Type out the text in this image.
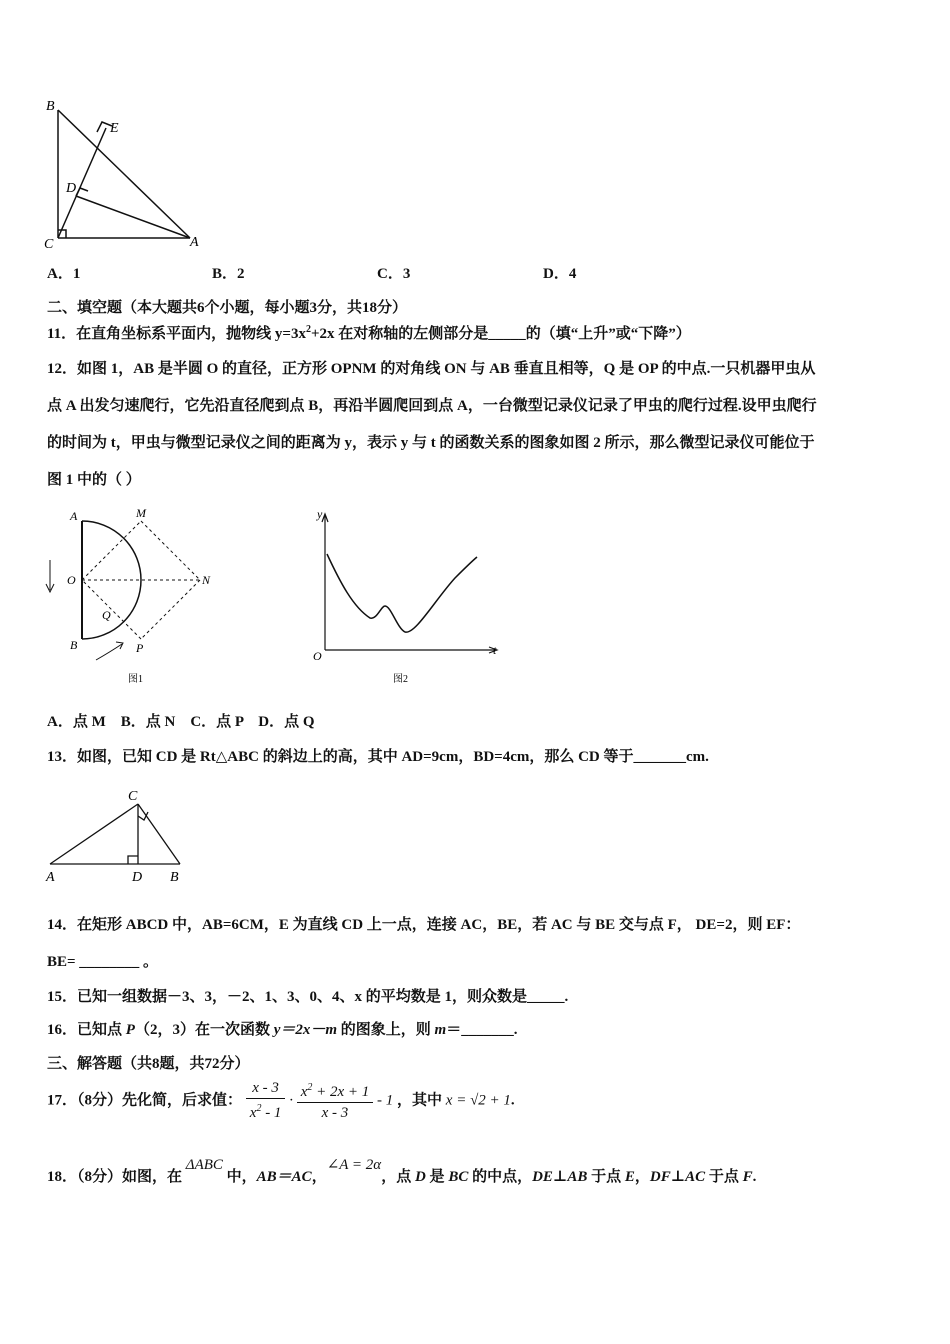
B
E
D
C	A
A．1	B．2	C．3	D．4
二、填空题（本大题共6个小题，每小题3分，共18分）
11．在直角坐标系平面内，抛物线 $y=3x^2+2x$ 在对称轴的左侧部分是_____的（填“上升”或“下降”）
12．如图 1，AB 是半圆 O 的直径，正方形 OPNM 的对角线 ON 与 AB 垂直且相等，Q 是 OP 的中点.一只机器甲虫从
点 A 出发匀速爬行，它先沿直径爬到点 B，再沿半圆爬回到点 A，一台微型记录仪记录了甲虫的爬行过程.设甲虫爬行
的时间为 t，甲虫与微型记录仪之间的距离为 y，表示 y 与 t 的函数关系的图象如图 2 所示，那么微型记录仪可能位于
图 1 中的（ ）
A	M
O	N
Q
B	P
图1
y
O	t
图2
A．点 M　B．点 N　C．点 P　D．点 Q
13．如图，已知 CD 是 Rt△ABC 的斜边上的高，其中 AD=9cm，BD=4cm，那么 CD 等于_______cm.
C
A	D B
14．在矩形 ABCD 中，AB=6CM，E 为直线 CD 上一点，连接 AC，BE，若 AC 与 BE 交与点 F， DE=2，则 EF：
BE= ________ 。
15．已知一组数据－3、3，－2、1、3、0、4、x 的平均数是 1，则众数是_____.
16．已知点 P（2，3）在一次函数 y＝2x－m 的图象上，则 m＝_______.
三、解答题（共8题，共72分）
17．（8分）先化简，后求值： $\frac{x - 3}{x^2 - 1} \cdot \frac{x^2 + 2x + 1}{x - 3} - 1$ ，其中 x = √2 + 1.
18．（8分）如图，在 ΔABC 中，AB＝AC，∠A = 2α，点 D 是 BC 的中点，DE⊥AB 于点 E，DF⊥AC 于点 F.
